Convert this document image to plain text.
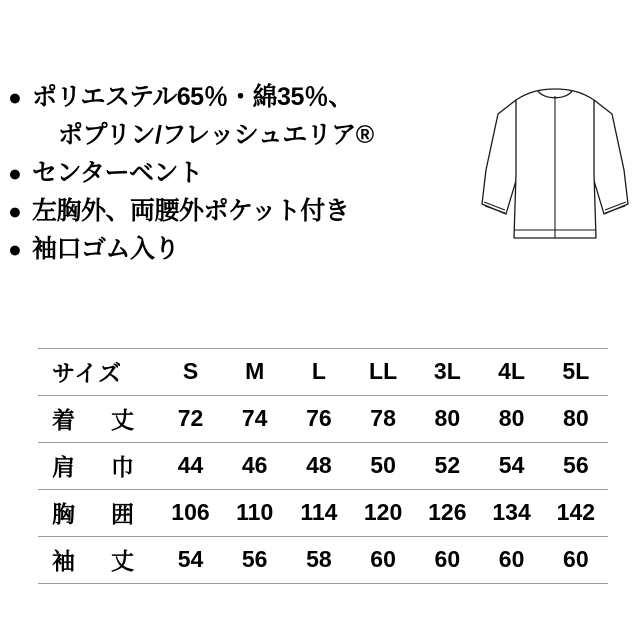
● ポリエステル65％・綿35％、
ポプリン/フレッシュエリア®
● センターベント
● 左胸外、両腰外ポケット付き
● 袖口ゴム入り
サイズ	S	M	L	LL	3L	4L	5L

着 丈	72	74	76	78	80	80	80

肩 巾	44	46	48	50	52	54	56

胸 囲	106	110	114	120	126	134	142

袖 丈	54	56	58	60	60	60	60
